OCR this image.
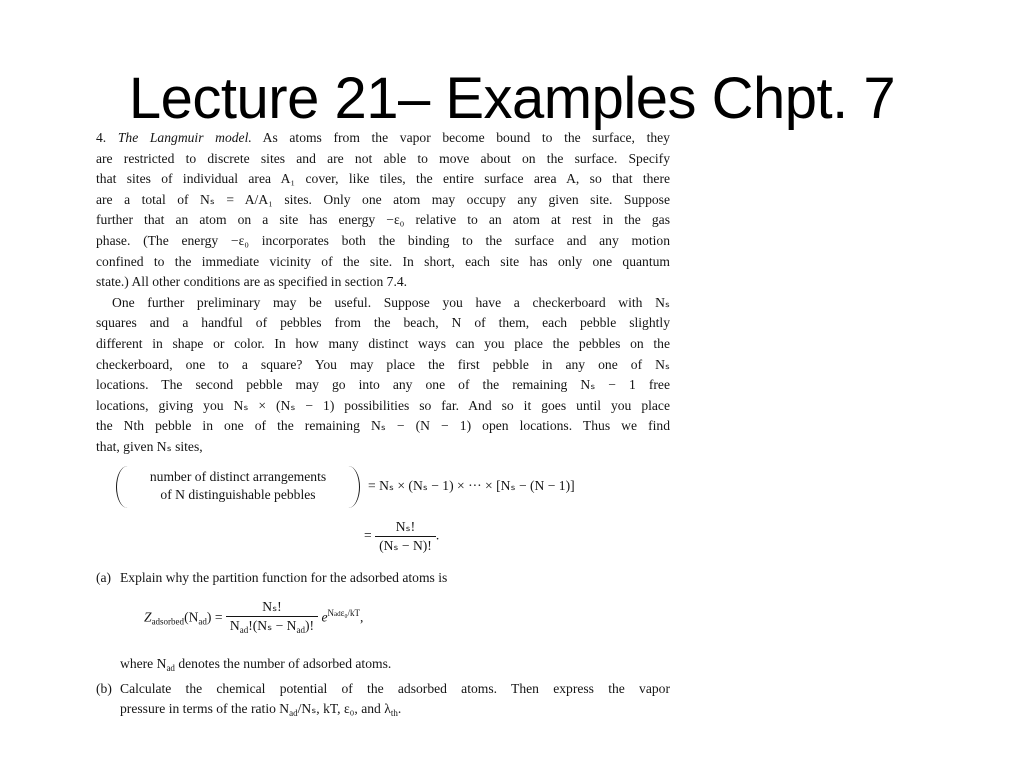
Lecture 21– Examples Chpt. 7
4. The Langmuir model. As atoms from the vapor become bound to the surface, they
are restricted to discrete sites and are not able to move about on the surface. Specify
that sites of individual area A₁ cover, like tiles, the entire surface area A, so that there
are a total of Nₛ = A/A₁ sites. Only one atom may occupy any given site. Suppose
further that an atom on a site has energy −ε₀ relative to an atom at rest in the gas
phase. (The energy −ε₀ incorporates both the binding to the surface and any motion
confined to the immediate vicinity of the site. In short, each site has only one quantum
state.) All other conditions are as specified in section 7.4.
One further preliminary may be useful. Suppose you have a checkerboard with Nₛ
squares and a handful of pebbles from the beach, N of them, each pebble slightly
different in shape or color. In how many distinct ways can you place the pebbles on the
checkerboard, one to a square? You may place the first pebble in any one of Nₛ
locations. The second pebble may go into any one of the remaining Nₛ − 1 free
locations, giving you Nₛ × (Nₛ − 1) possibilities so far. And so it goes until you place
the Nth pebble in one of the remaining Nₛ − (N − 1) open locations. Thus we find
that, given Nₛ sites,
number of distinct arrangements
of N distinguishable pebbles
= Nₛ × (Nₛ − 1) × ··· × [Nₛ − (N − 1)]
= $\frac{\text{Nₛ!}}{\text{(Nₛ − N)!}}$ .
(a) Explain why the partition function for the adsorbed atoms is
$Z_{adsorbed}(N_{ad}) = \frac{\text{Nₛ!}}{N_{ad}!(N_s - N_{ad})!} e^{Nad\varepsilon_0/kT}$,
where $N_{ad}$ denotes the number of adsorbed atoms.
(b) Calculate the chemical potential of the adsorbed atoms. Then express the vapor
pressure in terms of the ratio $N_{ad}/N_s$, kT, ε₀, and $\lambda_{th}$.
